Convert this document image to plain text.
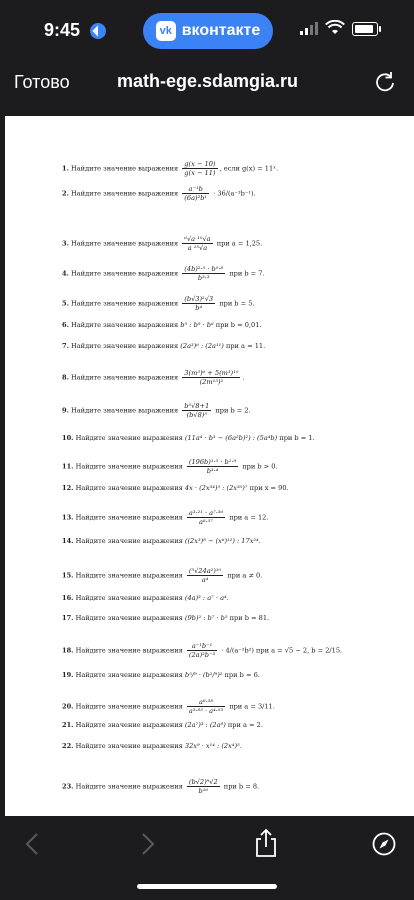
9:45	vk вконтакте
Готово	math-ege.sdamgia.ru
1. Найдите значение выражения $\frac{g(x - 10)}{g(x - 11)}$ , если g(x) = 11ˣ.
2. Найдите значение выражения $\frac{\text{a⁻¹b}}{\text{(6a)²b¹}} \cdot 36/(a^{-3}b^{-1})$.
3. Найдите значение выражения $\frac{\text{⁶√a ¹⁰√a}}{\text{a ¹⁵√a}}$ при a = 1,25.
4. Найдите значение выражения $\frac{\text{(4b)²·⁵ · b⁰·⁸}}{\text{b³·³}}$ при b = 7.
5. Найдите значение выражения $\frac{\text{(b√3)²√3}}{\text{b⁴}}$ при b = 5.
6. Найдите значение выражения b⁵ : b⁹ · b⁶ при b = 0,01.
7. Найдите значение выражения (2a³)⁶ : (2a¹¹) при a = 11.
8. Найдите значение выражения $\frac{\text{3(m⁵)⁶ + 5(m³)¹⁰}}{\text{(2m¹⁵)²}}$ .
9. Найдите значение выражения $\frac{\text{b⁵√8+1}}{\text{(b√8)⁵}}$ при b = 2.
10. Найдите значение выражения (11a⁴ · b³ − (6a²b)²) : (5a⁴b) при b = 1.
11. Найдите значение выражения $\frac{\text{(196b)¹·⁵ · b¹·⁹}}{\text{b³·⁴}}$ при b > 0.
12. Найдите значение выражения 4x · (2x³⁴)⁵ : (2x³⁰)⁷ при x = 90.
13. Найдите значение выражения $\frac{\text{a³·²¹ · a⁷·³⁶}}{\text{a⁸·⁵⁷}}$ при a = 12.
14. Найдите значение выражения ((2x³)⁸ − (x⁶)¹²) : 17x²⁴.
15. Найдите значение выражения $\frac{\text{(⁵√24a²)¹⁰}}{\text{a⁴}}$ при a ≠ 0.
16. Найдите значение выражения (4a)³ : a⁷ · a⁴.
17. Найдите значение выражения (9b)² : b⁷ · b⁵ при b = 81.
18. Найдите значение выражения $\frac{\text{a⁻¹b⁻¹}}{\text{(2a)²b⁻³}} \cdot 4/(a^{-2}b^2)$ при a = √5 − 2, b = 2/15.
19. Найдите значение выражения b⁵/⁹ · (b²/⁹)² при b = 6.
20. Найдите значение выражения $\frac{\text{a⁸·³⁸}}{\text{a³·⁸⁵ · a⁴·⁵³}}$ при a = 3/11.
21. Найдите значение выражения (2a⁷)³ : (2a⁸) при a = 2.
22. Найдите значение выражения 32x⁹ · x¹⁴ : (2x⁴)⁵.
23. Найдите значение выражения $\frac{\text{(b√2)⁹√2}}{\text{b¹⁶}}$ при b = 8.
